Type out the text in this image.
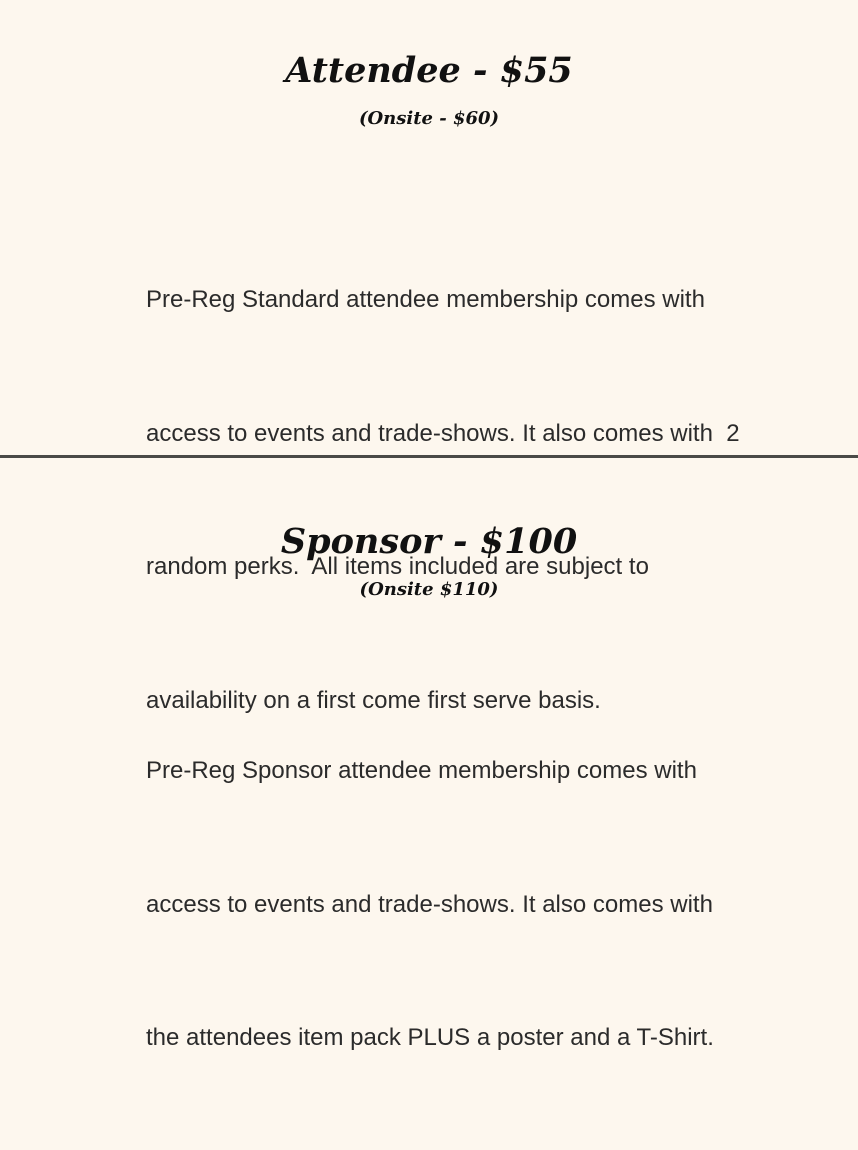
Attendee - $55
(Onsite - $60)

Pre-Reg Standard attendee membership comes with

access to events and trade-shows. It also comes with  2

random perks.  All items included are subject to

availability on a first come first serve basis.

Sponsor - $100
(Onsite $110)

Pre-Reg Sponsor attendee membership comes with

access to events and trade-shows. It also comes with

the attendees item pack PLUS a poster and a T-Shirt.
